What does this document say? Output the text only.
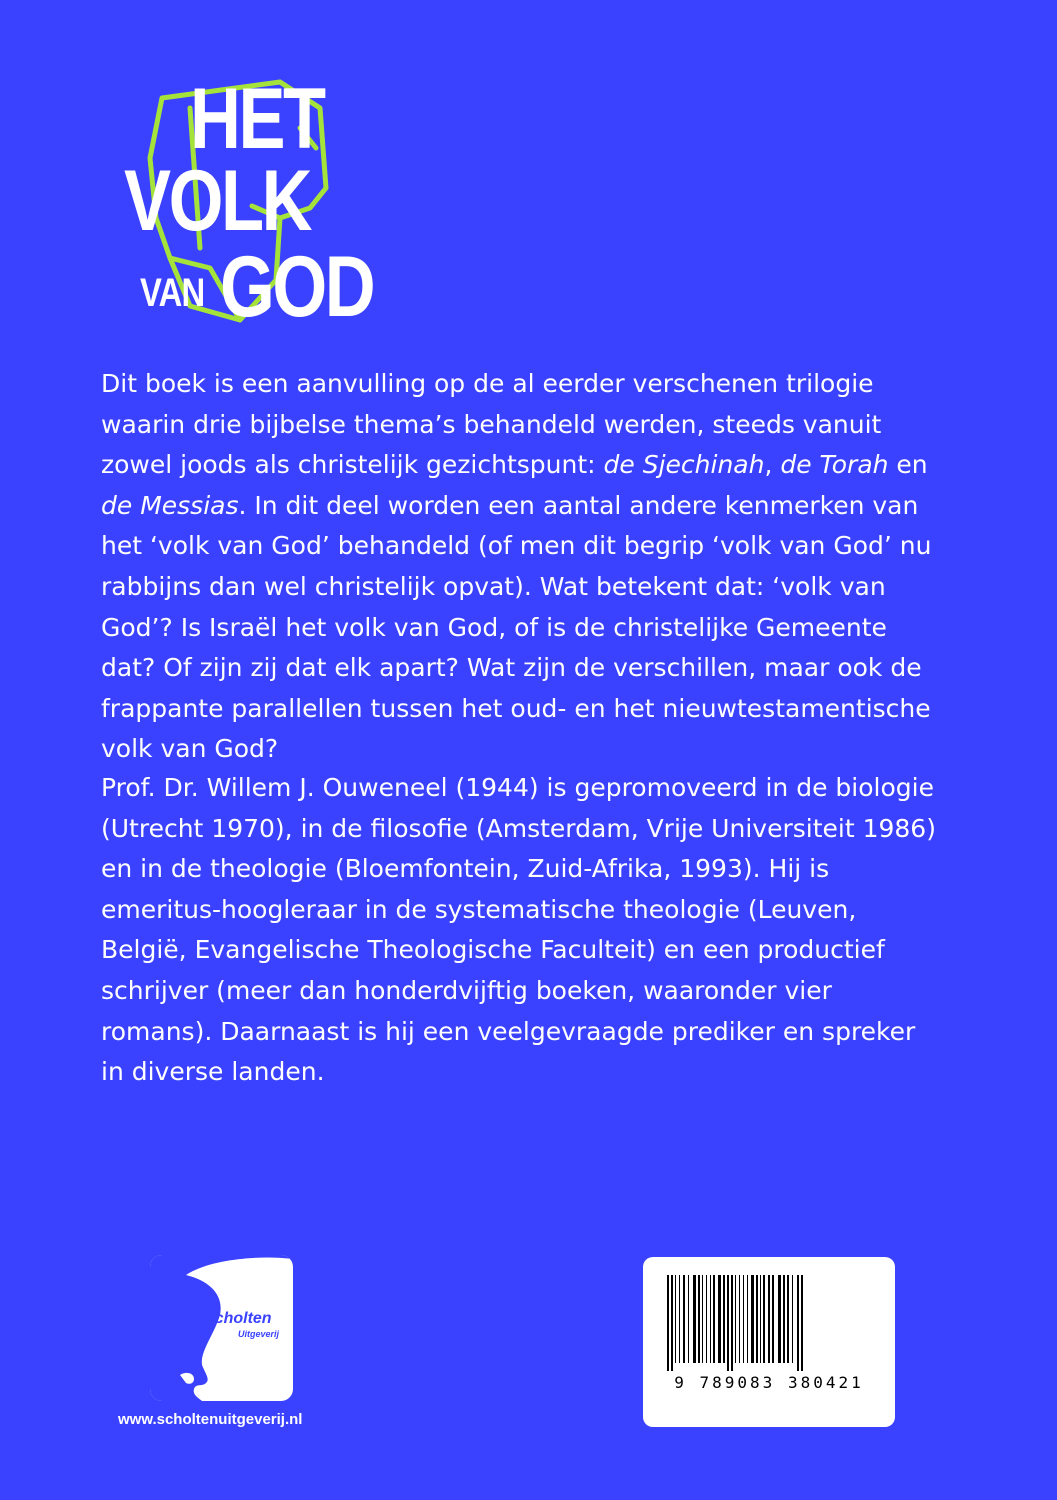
HET
VOLK
VAN GOD

Dit boek is een aanvulling op de al eerder verschenen trilogie waarin drie bijbelse thema’s behandeld werden, steeds vanuit zowel joods als christelijk gezichtspunt: de Sjechinah, de Torah en de Messias. In dit deel worden een aantal andere kenmerken van het ‘volk van God’ behandeld (of men dit begrip ‘volk van God’ nu rabbijns dan wel christelijk opvat). Wat betekent dat: ‘volk van God’? Is Israël het volk van God, of is de christelijke Gemeente dat? Of zijn zij dat elk apart? Wat zijn de verschillen, maar ook de frappante parallellen tussen het oud- en het nieuwtestamentische volk van God?

Prof. Dr. Willem J. Ouweneel (1944) is gepromoveerd in de biologie (Utrecht 1970), in de filosofie (Amsterdam, Vrije Universiteit 1986) en in de theologie (Bloemfontein, Zuid-Afrika, 1993). Hij is emeritus-hoogleraar in de systematische theologie (Leuven, België, Evangelische Theologische Faculteit) en een productief schrijver (meer dan honderdvijftig boeken, waaronder vier romans). Daarnaast is hij een veelgevraagde prediker en spreker in diverse landen.

Scholten
Uitgeverij
www.scholtenuitgeverij.nl
9 789083 380421
